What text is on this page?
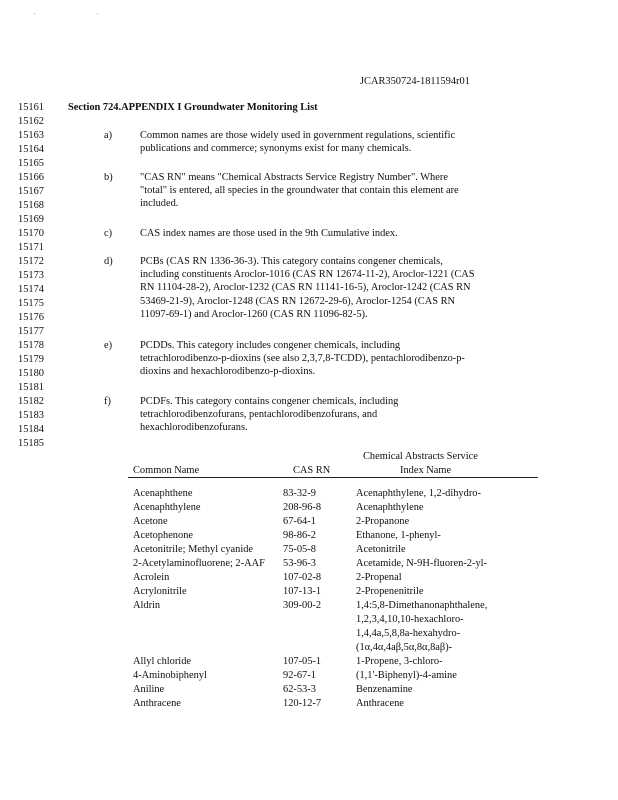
' '
JCAR350724-1811594r01
15161
15162
15163
15164
15165
15166
15167
15168
15169
15170
15171
15172
15173
15174
15175
15176
15177
15178
15179
15180
15181
15182
15183
15184
15185
Section 724.APPENDIX I Groundwater Monitoring List
a)	Common names are those widely used in government regulations, scientific
publications and commerce; synonyms exist for many chemicals.
b)	"CAS RN" means "Chemical Abstracts Service Registry Number". Where
"total" is entered, all species in the groundwater that contain this element are
included.
c)	CAS index names are those used in the 9th Cumulative index.
d)	PCBs (CAS RN 1336-36-3). This category contains congener chemicals,
including constituents Aroclor-1016 (CAS RN 12674-11-2), Aroclor-1221 (CAS
RN 11104-28-2), Aroclor-1232 (CAS RN 11141-16-5), Aroclor-1242 (CAS RN
53469-21-9), Aroclor-1248 (CAS RN 12672-29-6), Aroclor-1254 (CAS RN
11097-69-1) and Aroclor-1260 (CAS RN 11096-82-5).
e)	PCDDs. This category includes congener chemicals, including
tetrachlorodibenzo-p-dioxins (see also 2,3,7,8-TCDD), pentachlorodibenzo-p-
dioxins and hexachlorodibenzo-p-dioxins.
f)	PCDFs. This category contains congener chemicals, including
tetrachlorodibenzofurans, pentachlorodibenzofurans, and
hexachlorodibenzofurans.
Chemical Abstracts Service
Common Name	CAS RN	Index Name
Acenaphthene	83-32-9	Acenaphthylene, 1,2-dihydro-
Acenaphthylene	208-96-8	Acenaphthylene
Acetone	67-64-1	2-Propanone
Acetophenone	98-86-2	Ethanone, 1-phenyl-
Acetonitrile; Methyl cyanide	75-05-8	Acetonitrile
2-Acetylaminofluorene; 2-AAF 53-96-3	Acetamide, N-9H-fluoren-2-yl-
Acrolein	107-02-8	2-Propenal
Acrylonitrile	107-13-1	2-Propenenitrile
Aldrin	309-00-2	1,4:5,8-Dimethanonaphthalene,
1,2,3,4,10,10-hexachloro-
1,4,4a,5,8,8a-hexahydro-
(1α,4α,4aβ,5α,8α,8aβ)-
Allyl chloride	107-05-1	1-Propene, 3-chloro-
4-Aminobiphenyl	92-67-1	(1,1'-Biphenyl)-4-amine
Aniline	62-53-3	Benzenamine
Anthracene	120-12-7	Anthracene
